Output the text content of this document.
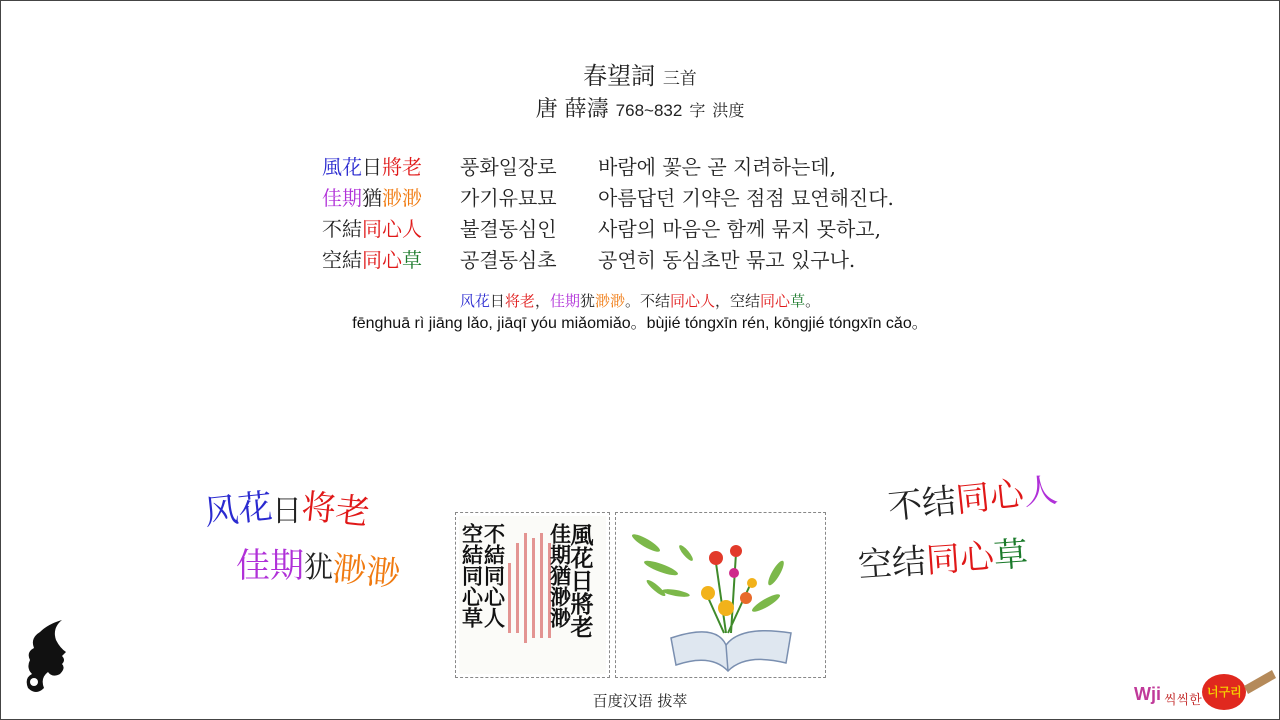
春望詞 三首
唐 薛濤 768~832 字 洪度
風花日將老 풍화일장로 바람에 꽃은 곧 지려하는데,
佳期猶渺渺 가기유묘묘 아름답던 기약은 점점 묘연해진다.
不結同心人 불결동심인 사람의 마음은 함께 묶지 못하고,
空結同心草 공결동심초 공연히 동심초만 묶고 있구나.
风花日将老，佳期犹渺渺。不结同心人，空结同心草。
fēnghuā rì jiāng lǎo, jiāqī yóu miǎomiǎo。bùjié tóngxīn rén, kōngjié tóngxīn cǎo。
风花日将老
佳期犹渺渺
不结同心人
空结同心草
風花日將老
佳期猶渺渺
不結同心人
空結同心草
百度汉语 拔萃	Wji 씩씩한
너구리
